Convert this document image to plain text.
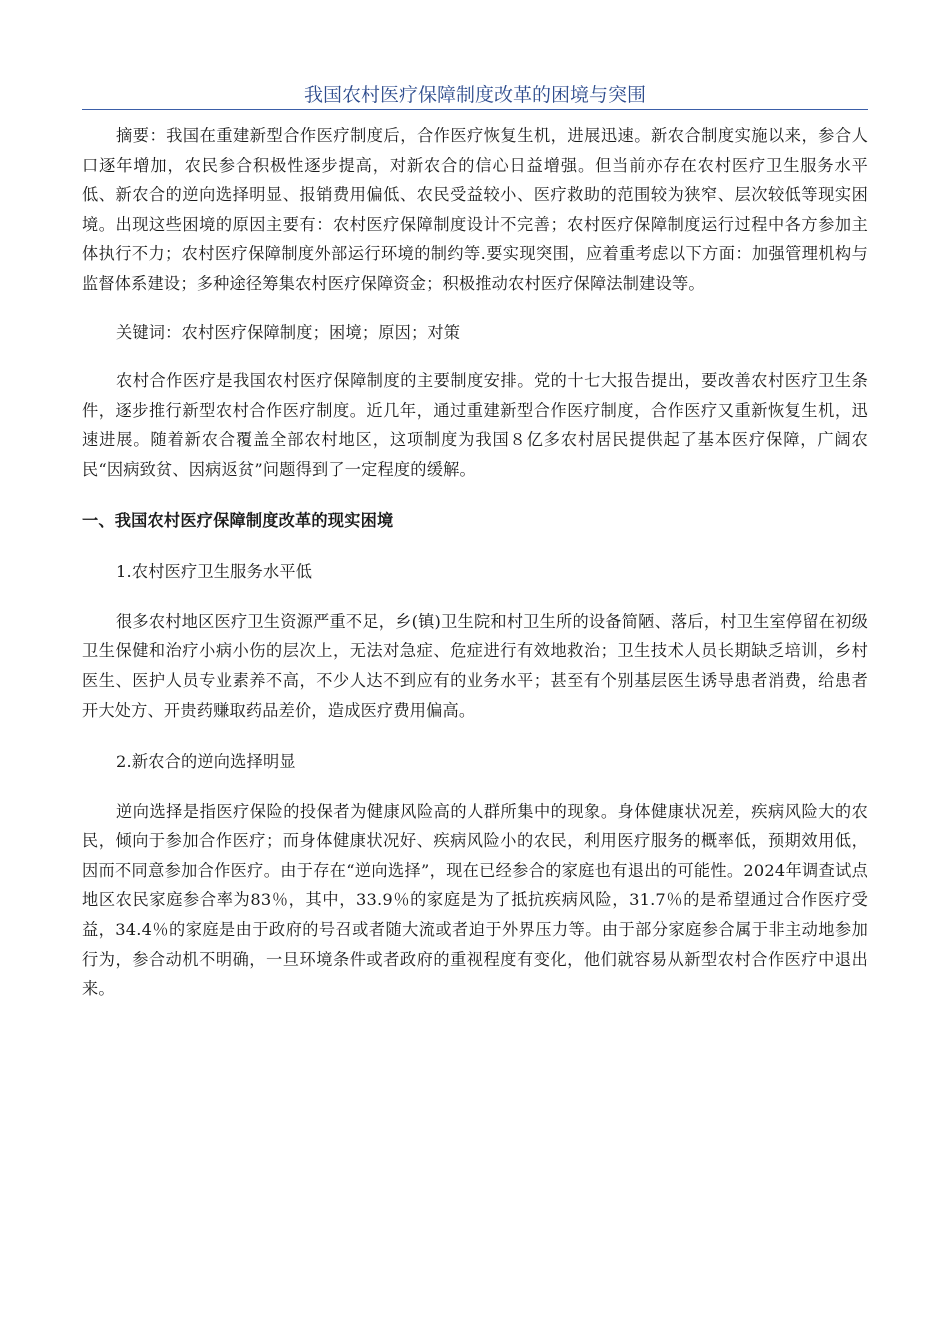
我国农村医疗保障制度改革的困境与突围

摘要：我国在重建新型合作医疗制度后，合作医疗恢复生机，进展迅速。新农合制度实施以来，参合人口逐年增加，农民参合积极性逐步提高，对新农合的信心日益增强。但当前亦存在农村医疗卫生服务水平低、新农合的逆向选择明显、报销费用偏低、农民受益较小、医疗救助的范围较为狭窄、层次较低等现实困境。出现这些困境的原因主要有：农村医疗保障制度设计不完善；农村医疗保障制度运行过程中各方参加主体执行不力；农村医疗保障制度外部运行环境的制约等.要实现突围，应着重考虑以下方面：加强管理机构与监督体系建设；多种途径筹集农村医疗保障资金；积极推动农村医疗保障法制建设等。

关键词：农村医疗保障制度；困境；原因；对策

农村合作医疗是我国农村医疗保障制度的主要制度安排。党的十七大报告提出，要改善农村医疗卫生条件，逐步推行新型农村合作医疗制度。近几年，通过重建新型合作医疗制度，合作医疗又重新恢复生机，迅速进展。随着新农合覆盖全部农村地区，这项制度为我国８亿多农村居民提供起了基本医疗保障，广阔农民“因病致贫、因病返贫”问题得到了一定程度的缓解。

一、我国农村医疗保障制度改革的现实困境

1.农村医疗卫生服务水平低

很多农村地区医疗卫生资源严重不足，乡(镇)卫生院和村卫生所的设备简陋、落后，村卫生室停留在初级卫生保健和治疗小病小伤的层次上，无法对急症、危症进行有效地救治；卫生技术人员长期缺乏培训，乡村医生、医护人员专业素养不高，不少人达不到应有的业务水平；甚至有个别基层医生诱导患者消费，给患者开大处方、开贵药赚取药品差价，造成医疗费用偏高。

2.新农合的逆向选择明显

逆向选择是指医疗保险的投保者为健康风险高的人群所集中的现象。身体健康状况差，疾病风险大的农民，倾向于参加合作医疗；而身体健康状况好、疾病风险小的农民，利用医疗服务的概率低，预期效用低，因而不同意参加合作医疗。由于存在“逆向选择”，现在已经参合的家庭也有退出的可能性。2024年调查试点地区农民家庭参合率为83％，其中，33.9％的家庭是为了抵抗疾病风险，31.7％的是希望通过合作医疗受益，34.4％的家庭是由于政府的号召或者随大流或者迫于外界压力等。由于部分家庭参合属于非主动地参加行为，参合动机不明确，一旦环境条件或者政府的重视程度有变化，他们就容易从新型农村合作医疗中退出来。
